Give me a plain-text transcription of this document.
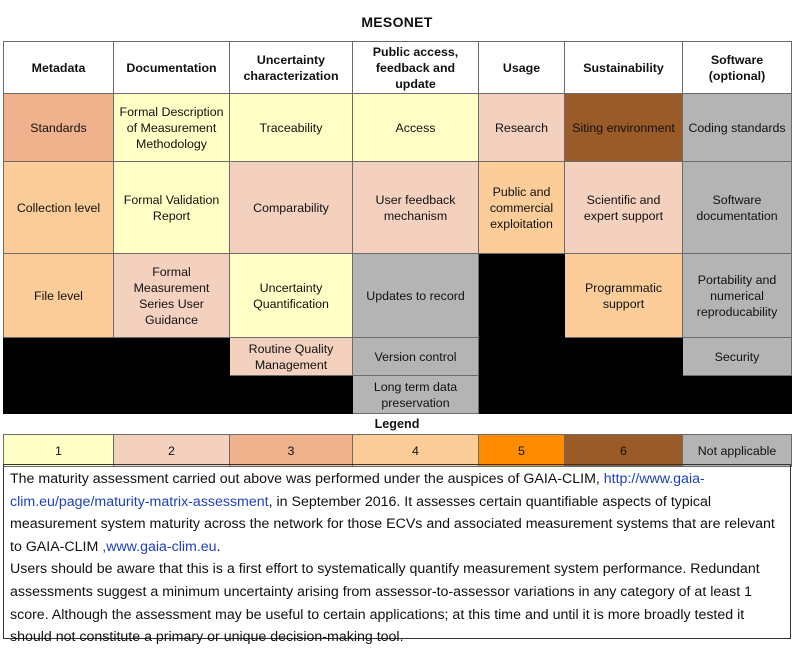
MESONET
Metadata	Documentation	Uncertainty characterization	Public access, feedback and update	Usage	Sustainability	Software (optional)
Standards	Formal Description of Measurement Methodology	Traceability	Access	Research	Siting environment	Coding standards
Collection level	Formal Validation Report	Comparability	User feedback mechanism	Public and commercial exploitation	Scientific and expert support	Software documentation
File level	Formal Measurement Series User Guidance	Uncertainty Quantification	Updates to record		Programmatic support	Portability and numerical reproducability
		Routine Quality Management	Version control			Security
			Long term data preservation			
Legend
1	2	3	4	5	6	Not applicable

The maturity assessment carried out above was performed under the auspices of GAIA-CLIM, http://www.gaia-clim.eu/page/maturity-matrix-assessment, in September 2016. It assesses certain quantifiable aspects of typical measurement system maturity across the network for those ECVs and associated measurement systems that are relevant to GAIA-CLIM ,www.gaia-clim.eu.

Users should be aware that this is a first effort to systematically quantify measurement system performance. Redundant assessments suggest a minimum uncertainty arising from assessor-to-assessor variations in any category of at least 1 score. Although the assessment may be useful to certain applications; at this time and until it is more broadly tested it should not constitute a primary or unique decision-making tool.
